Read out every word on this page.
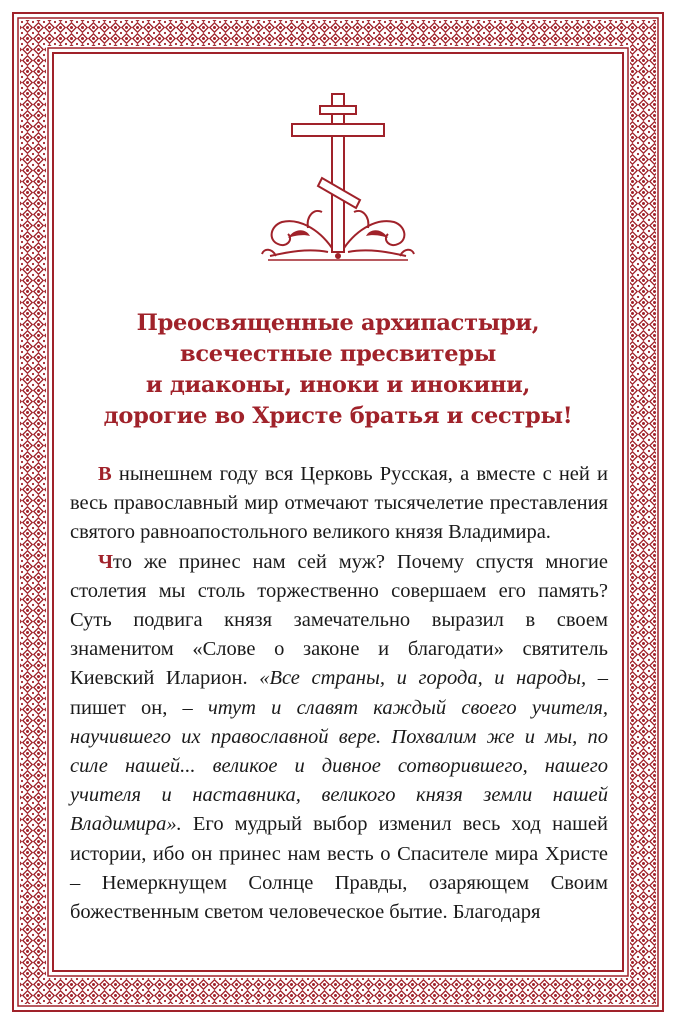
Преосвященные архипастыри,
всечестные пресвитеры
и диаконы, иноки и инокини,
дорогие во Христе братья и сестры!

В нынешнем году вся Церковь Русская, а вместе с ней и весь православный мир отмечают тысячелетие преставления святого равноапостольного великого князя Владимира.

Что же принес нам сей муж? Почему спустя многие столетия мы столь торжественно совершаем его память? Суть подвига князя замечательно выразил в своем знаменитом «Слове о законе и благодати» святитель Киевский Иларион. «Все страны, и города, и народы, – пишет он, – чтут и славят каждый своего учителя, научившего их православной вере. Похвалим же и мы, по силе нашей... великое и дивное сотворившего, нашего учителя и наставника, великого князя земли нашей Владимира». Его мудрый выбор изменил весь ход нашей истории, ибо он принес нам весть о Спасителе мира Христе – Немеркнущем Солнце Правды, озаряющем Своим божественным светом человеческое бытие. Благодаря
